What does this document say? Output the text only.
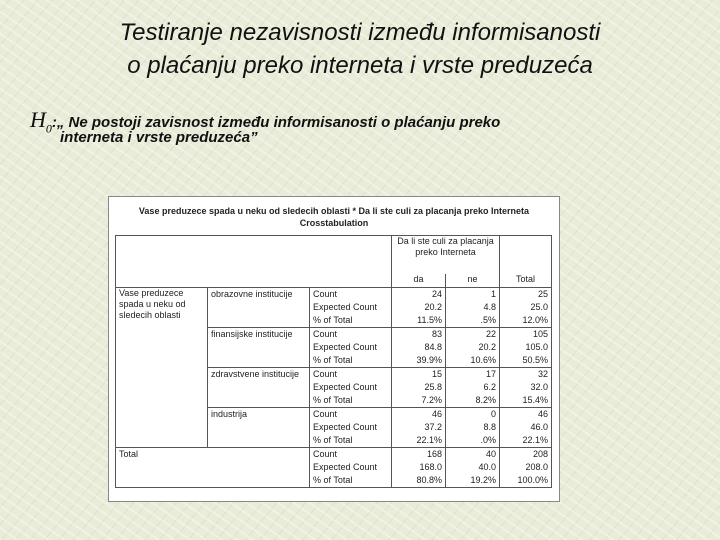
Testiranje nezavisnosti između informisanosti
o plaćanju preko interneta i vrste preduzeća
$H_0:„$ Ne postoji zavisnost između informisanosti o plaćanju preko
interneta i vrste preduzeća”
Vase preduzece spada u neku od sledecih oblasti * Da li ste culi za placanja preko Interneta
Crosstabulation
			Da li ste culi za placanja preko Interneta		
			da	ne	Total
Vase preduzece spada u neku od sledecih oblasti	obrazovne institucije	Count	24	1	25
		Expected Count	20.2	4.8	25.0
		% of Total	11.5%	.5%	12.0%
	finansijske institucije	Count	83	22	105
		Expected Count	84.8	20.2	105.0
		% of Total	39.9%	10.6%	50.5%
	zdravstvene institucije	Count	15	17	32
		Expected Count	25.8	6.2	32.0
		% of Total	7.2%	8.2%	15.4%
	industrija	Count	46	0	46
		Expected Count	37.2	8.8	46.0
		% of Total	22.1%	.0%	22.1%
Total		Count	168	40	208
		Expected Count	168.0	40.0	208.0
		% of Total	80.8%	19.2%	100.0%
